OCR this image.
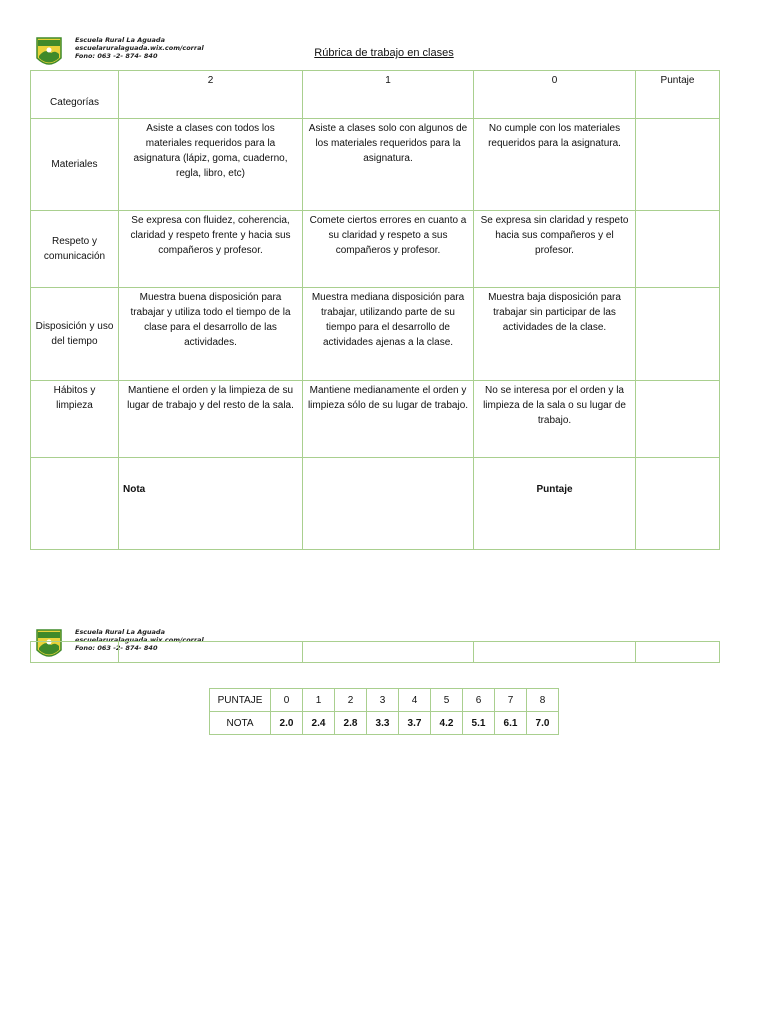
Escuela Rural La Aguada
escuelaruralaguada.wix.com/corral
Fono: 063 -2- 874- 840	Rúbrica de trabajo en clases
Categorías	2	1	0	Puntaje
Materiales	Asiste a clases con todos los materiales requeridos para la asignatura (lápiz, goma, cuaderno, regla, libro, etc)	Asiste a clases solo con algunos de los materiales requeridos para la asignatura.	No cumple con los materiales requeridos para la asignatura.	
Respeto y comunicación	Se expresa con fluidez, coherencia, claridad y respeto frente y hacia sus compañeros y profesor.	Comete ciertos errores en cuanto a su claridad y respeto a sus compañeros y profesor.	Se expresa sin claridad y respeto hacia sus compañeros y el profesor.	
Disposición y uso del tiempo	Muestra buena disposición para trabajar y utiliza todo el tiempo de la clase para el desarrollo de las actividades.	Muestra mediana disposición para trabajar, utilizando parte de su tiempo para el desarrollo de actividades ajenas a la clase.	Muestra baja disposición para trabajar sin participar de las actividades de la clase.	
Hábitos y limpieza	Mantiene el orden y la limpieza de su lugar de trabajo y del resto de la sala.	Mantiene medianamente el orden y limpieza sólo de su lugar de trabajo.	No se interesa por el orden y la limpieza de la sala o su lugar de trabajo.	
	Nota		Puntaje	
Escuela Rural La Aguada
escuelaruralaguada.wix.com/corral
Fono: 063 -2- 874- 840

PUNTAJE	0	1	2	3	4	5	6	7	8
NOTA	2.0	2.4	2.8	3.3	3.7	4.2	5.1	6.1	7.0
